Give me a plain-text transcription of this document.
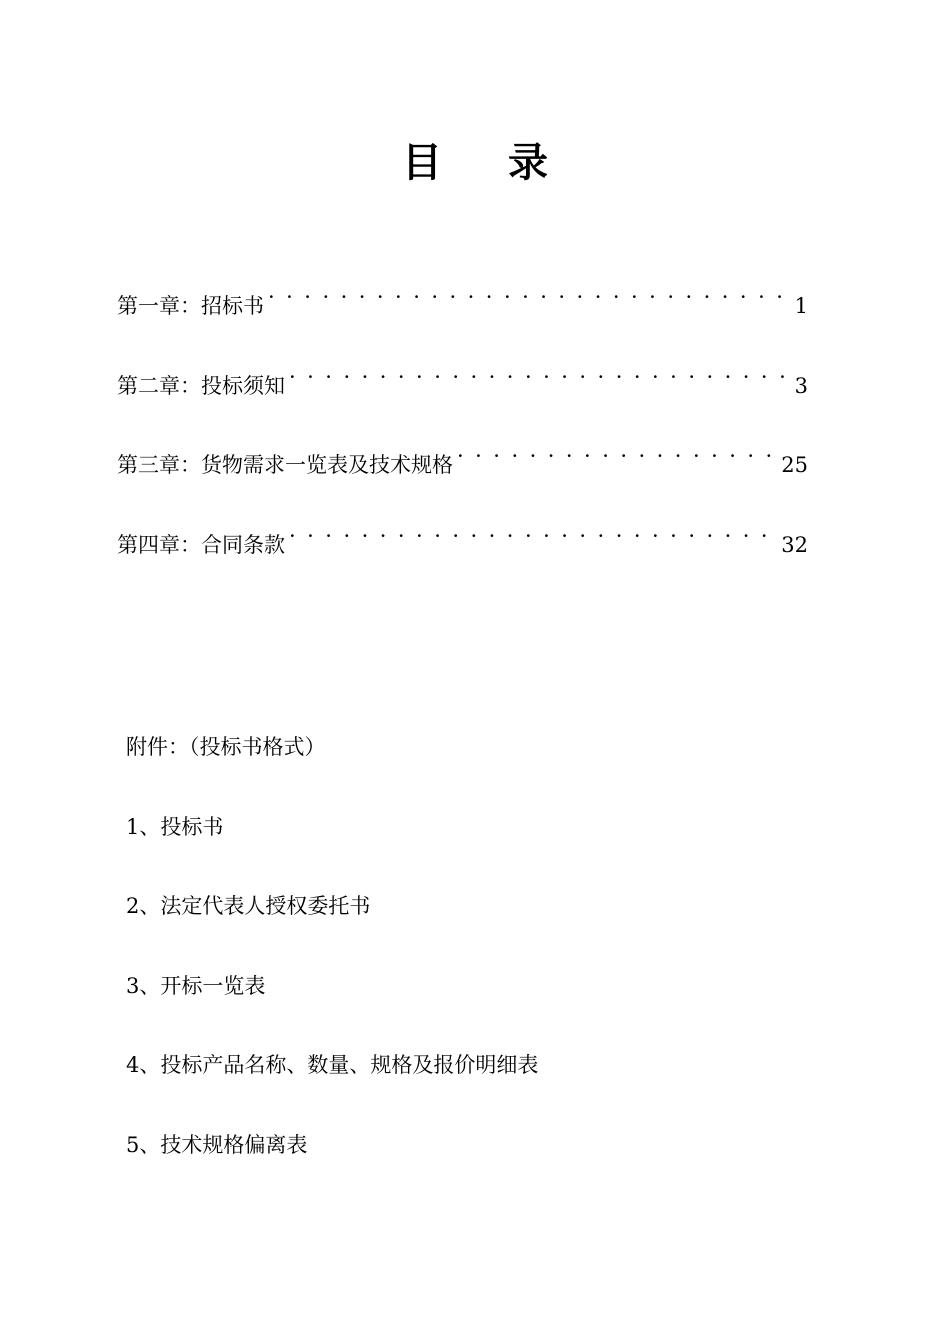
目 录
第一章 ： 招标书 · · ·	1
第二章 ： 投标须知 · · ·	3
第三章 ： 货物需求一览表及技术规格 · · ·	25
第四章 ： 合同条款 · · ·	32
附件：（投标书格式）
1、投标书
2、法定代表人授权委托书
3、开标一览表
4、投标产品名称、数量、规格及报价明细表
5、技术规格偏离表
